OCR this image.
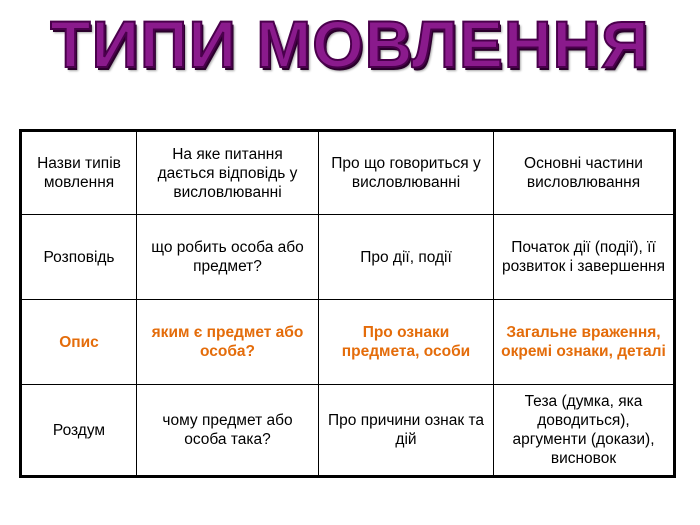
ТИПИ МОВЛЕННЯ
Назви типів мовлення	На яке питання дається відповідь у висловлюванні	Про що говориться у висловлюванні	Основні частини висловлювання
Розповідь	що робить особа або предмет?	Про дії, події	Початок дії (події), її розвиток і завершення
Опис	яким є предмет або особа?	Про ознаки предмета, особи	Загальне враження, окремі ознаки, деталі
Роздум	чому предмет або особа така?	Про причини ознак та дій	Теза (думка, яка доводиться), аргументи (докази), висновок
